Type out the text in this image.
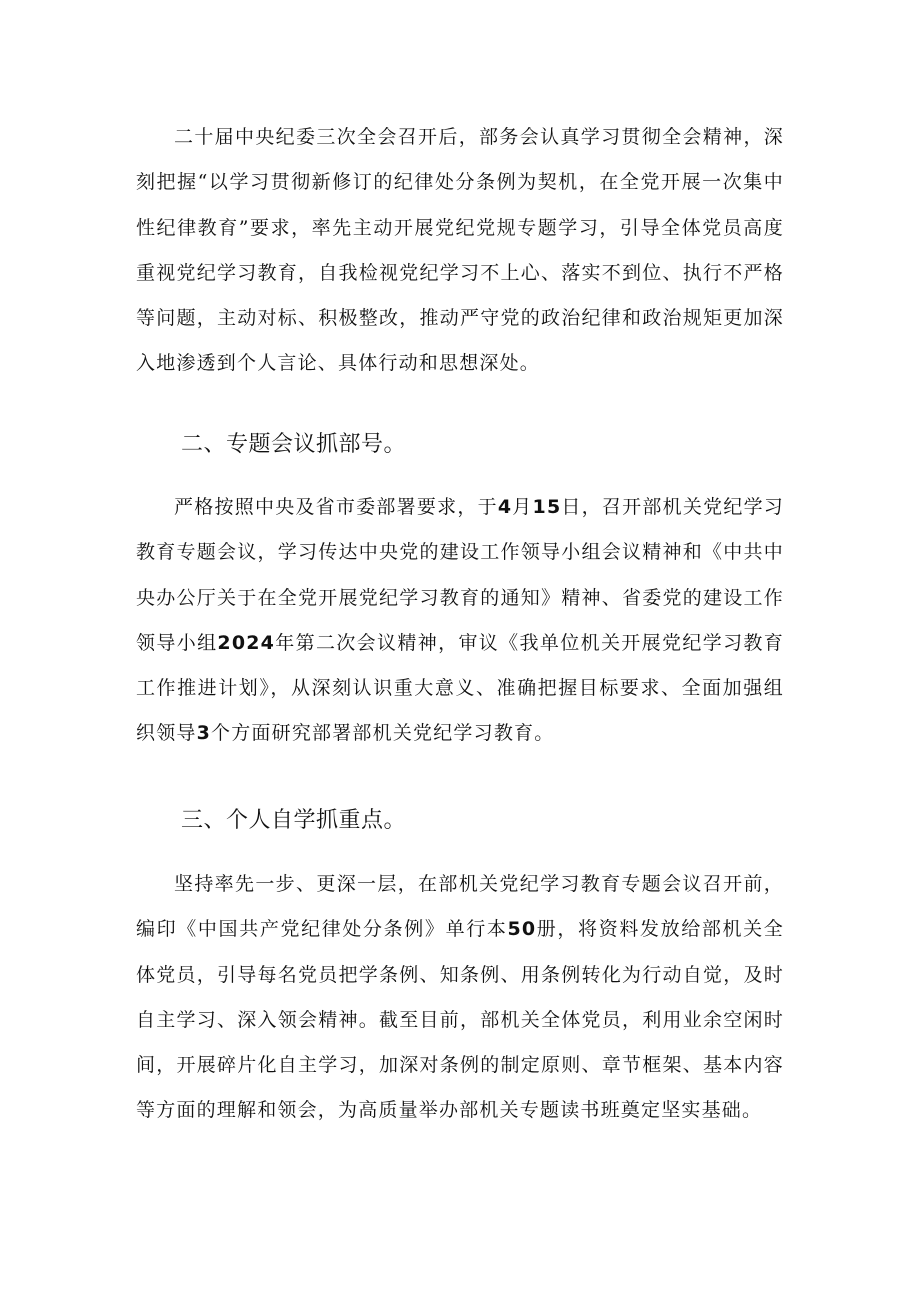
二十届中央纪委三次全会召开后，部务会认真学习贯彻全会精神，深刻把握“以学习贯彻新修订的纪律处分条例为契机，在全党开展一次集中性纪律教育”要求，率先主动开展党纪党规专题学习，引导全体党员高度重视党纪学习教育，自我检视党纪学习不上心、落实不到位、执行不严格等问题，主动对标、积极整改，推动严守党的政治纪律和政治规矩更加深入地渗透到个人言论、具体行动和思想深处。

二、专题会议抓部号。

严格按照中央及省市委部署要求，于4月15日，召开部机关党纪学习教育专题会议，学习传达中央党的建设工作领导小组会议精神和《中共中央办公厅关于在全党开展党纪学习教育的通知》精神、省委党的建设工作领导小组2024年第二次会议精神，审议《我单位机关开展党纪学习教育工作推进计划》，从深刻认识重大意义、准确把握目标要求、全面加强组织领导3个方面研究部署部机关党纪学习教育。

三、个人自学抓重点。

坚持率先一步、更深一层，在部机关党纪学习教育专题会议召开前，编印《中国共产党纪律处分条例》单行本50册，将资料发放给部机关全体党员，引导每名党员把学条例、知条例、用条例转化为行动自觉，及时自主学习、深入领会精神。截至目前，部机关全体党员，利用业余空闲时间，开展碎片化自主学习，加深对条例的制定原则、章节框架、基本内容等方面的理解和领会，为高质量举办部机关专题读书班奠定坚实基础。
